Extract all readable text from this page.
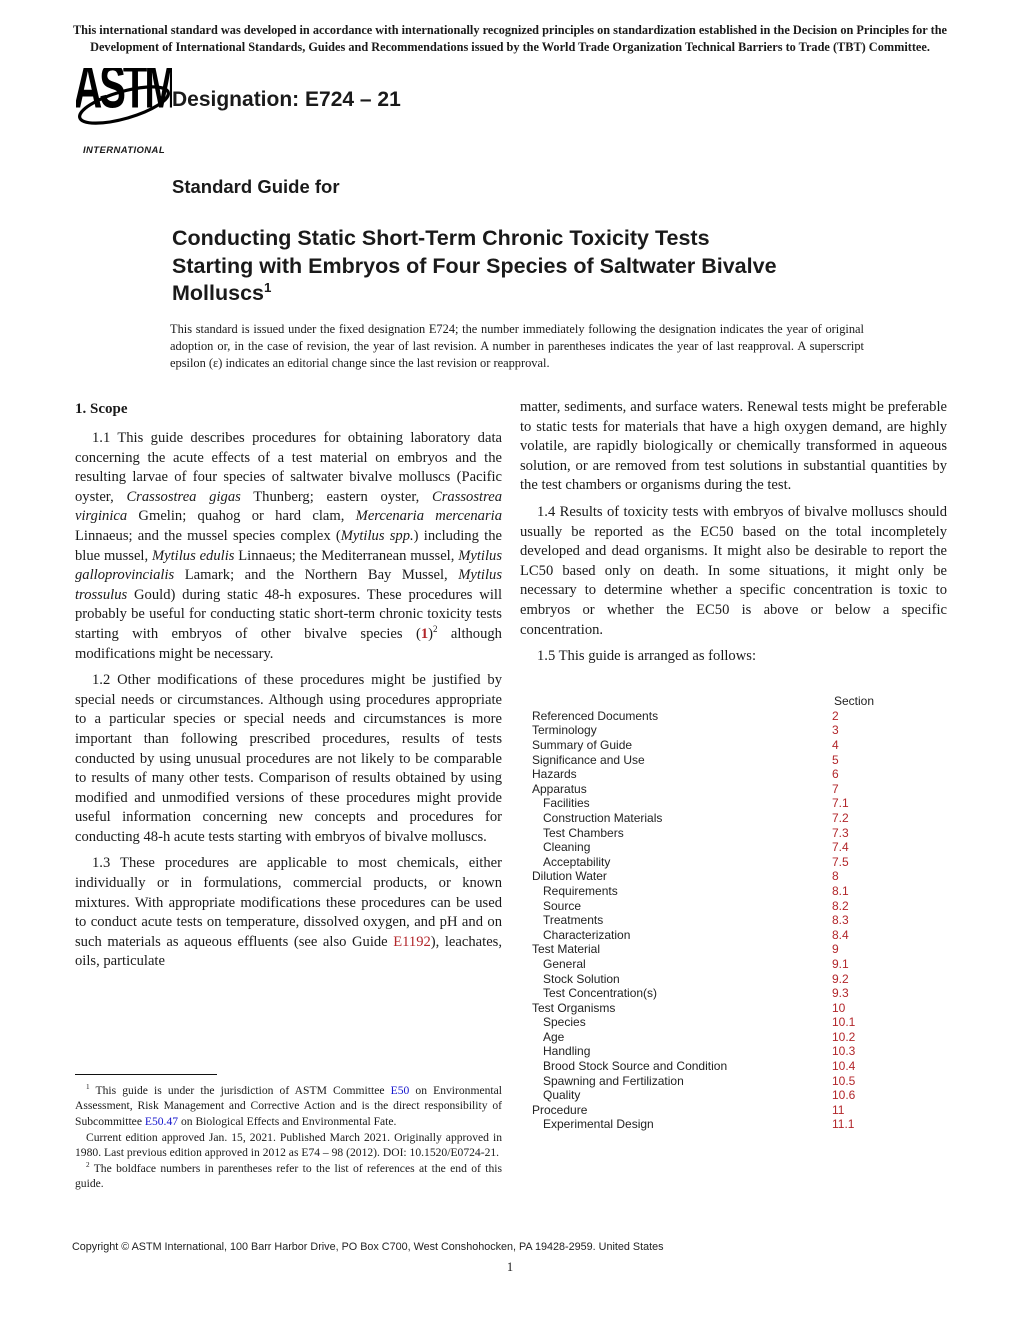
This international standard was developed in accordance with internationally recognized principles on standardization established in the Decision on Principles for the
Development of International Standards, Guides and Recommendations issued by the World Trade Organization Technical Barriers to Trade (TBT) Committee.
ASTM
INTERNATIONAL
Designation: E724 – 21
Standard Guide for
Conducting Static Short-Term Chronic Toxicity Tests
Starting with Embryos of Four Species of Saltwater Bivalve
Molluscs$^1$
This standard is issued under the fixed designation E724; the number immediately following the designation indicates the year of original adoption or, in the case of revision, the year of last revision. A number in parentheses indicates the year of last reapproval. A superscript epsilon (ε) indicates an editorial change since the last revision or reapproval.
1. Scope

1.1 This guide describes procedures for obtaining laboratory data concerning the acute effects of a test material on embryos and the resulting larvae of four species of saltwater bivalve molluscs (Pacific oyster, Crassostrea gigas Thunberg; eastern oyster, Crassostrea virginica Gmelin; quahog or hard clam, Mercenaria mercenaria Linnaeus; and the mussel species complex (Mytilus spp.) including the blue mussel, Mytilus edulis Linnaeus; the Mediterranean mussel, Mytilus galloprovincialis Lamark; and the Northern Bay Mussel, Mytilus trossulus Gould) during static 48-h exposures. These procedures will probably be useful for conducting static short-term chronic toxicity tests starting with embryos of other bivalve species $(1)^2$ although modifications might be necessary.

1.2 Other modifications of these procedures might be justified by special needs or circumstances. Although using procedures appropriate to a particular species or special needs and circumstances is more important than following prescribed procedures, results of tests conducted by using unusual procedures are not likely to be comparable to results of many other tests. Comparison of results obtained by using modified and unmodified versions of these procedures might provide useful information concerning new concepts and procedures for conducting 48-h acute tests starting with embryos of bivalve molluscs.

1.3 These procedures are applicable to most chemicals, either individually or in formulations, commercial products, or known mixtures. With appropriate modifications these procedures can be used to conduct acute tests on temperature, dissolved oxygen, and pH and on such materials as aqueous effluents (see also Guide E1192), leachates, oils, particulate

$^1$ This guide is under the jurisdiction of ASTM Committee E50 on Environmental Assessment, Risk Management and Corrective Action and is the direct responsibility of Subcommittee E50.47 on Biological Effects and Environmental Fate.

Current edition approved Jan. 15, 2021. Published March 2021. Originally approved in 1980. Last previous edition approved in 2012 as E74 – 98 (2012). DOI: 10.1520/E0724-21.

$^2$ The boldface numbers in parentheses refer to the list of references at the end of this guide.

matter, sediments, and surface waters. Renewal tests might be preferable to static tests for materials that have a high oxygen demand, are highly volatile, are rapidly biologically or chemically transformed in aqueous solution, or are removed from test solutions in substantial quantities by the test chambers or organisms during the test.

1.4 Results of toxicity tests with embryos of bivalve molluscs should usually be reported as the EC50 based on the total incompletely developed and dead organisms. It might also be desirable to report the LC50 based only on death. In some situations, it might only be necessary to determine whether a specific concentration is toxic to embryos or whether the EC50 is above or below a specific concentration.

1.5 This guide is arranged as follows:

Section
Referenced Documents	2
Terminology	3
Summary of Guide	4
Significance and Use	5
Hazards	6
Apparatus	7
Facilities	7.1
Construction Materials	7.2
Test Chambers	7.3
Cleaning	7.4
Acceptability	7.5
Dilution Water	8
Requirements	8.1
Source	8.2
Treatments	8.3
Characterization	8.4
Test Material	9
General	9.1
Stock Solution	9.2
Test Concentration(s)	9.3
Test Organisms	10
Species	10.1
Age	10.2
Handling	10.3
Brood Stock Source and Condition	10.4
Spawning and Fertilization	10.5
Quality	10.6
Procedure	11
Experimental Design	11.1
Copyright © ASTM International, 100 Barr Harbor Drive, PO Box C700, West Conshohocken, PA 19428-2959. United States
1
